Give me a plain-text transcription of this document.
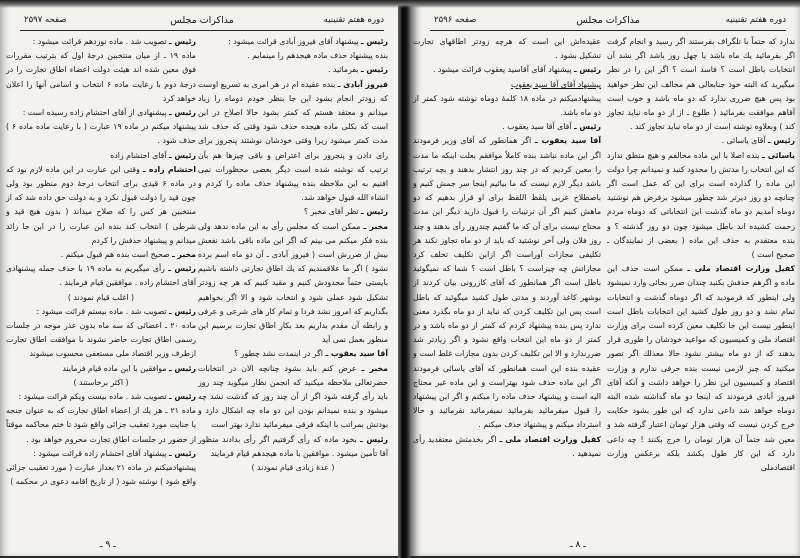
دوره هفتم تقنینیه
مذاکرات مجلس
صفحه ۲۵۹۷

رئیس ـ پیشنهاد آقای فیروز آبادی قرائت میشود :

بنده پیشنهاد حذف ماده هیجدهم را مینمایم .

رئیس ـ بفرمائید .

فیروز آبادی ـ بنده عقیده ام در هر امری به تسریع اوست که زودتر انجام بشود این جا بنظر خودم دوماه را زیاد میدانم و معتقد هستم که کمتر بشود حالا اصلاح در این است که بکلی ماده هیجده حذف شود وقتی که حذف شد مدت کمتر میشود زیرا وقتی خودشان نوشتند پنجروز برای رای دادن و پنجروز برای اعتراض و باقی چیزها هم بآن ترتیب که نوشته شده است دیگر بعضی محظورات نمی افتیم به این ملاحظه بنده پیشنهاد حذف ماده را کردم و انشاء الله قبول خواهد شد.

رئیس ـ نظر آقای مخبر ؟

مخبر ـ ممکن است که مجلس رأی به این ماده ندهد ولی بنده فکر میکنم می بینم که اگر این ماده باقی باشد نفعش بیش از ضررش است ( فیروز آبادی ـ آن دو ماه اسم برده نشود ) اگر ما علاقمندیم که یك اطاق تجارتی داشته باشیم بایستی حتماً محدودش کنیم و مقید کنیم که هر چه زودتر تشکیل شود عملی شود و انتخاب شود و الا اگر بخواهیم بگذاریم که امروز نشد فردا و تمام کار های شرعی و عرفی و رابطه آن مقدم بداریم بعد بکار اطاق تجارت برسیم این منظور بعمل نمی آید

آقا سید یعقوب ـ اگر در اینمدت نشد چطور ؟

مخبر ـ عرض کنم باید بشود چنانچه الان در انتخابات حضرتعالی ملاحظه میکنید که انجمن نظار میگوید چند روز باید رأی گرفته شود اگر از آن چند روز که گذشت نشد چه میشود و بنده نمیدانم بودن این دو ماه چه اشکال دارد و بودنش بمراتب با اینکه فرقی میفرمائید ندارد بهتر است

رئیس ـ بخود ماده که رأی گرفتیم اگر رأی بدادند منظور آقا تأمین میشود . موافقین با ماده هیجدهم قیام فرمایند

( عدهٔ زیادی قیام نمودند )

رئیس ـ تصویب شد . ماده نوزدهم قرائت میشود :

ماده ۱۹ ـ از میان منتخبین درجهٔ اول که بترتیب مقررات فوق معین شده اند هیئت دولت اعضاء اطاق تجارت را در درجهٔ دوم با رعایت ماده ۶ انتخاب و اسامی آنها را اعلان خواهد کرد

رئیس ـ پیشنهادی از آقای احتشام زاده رسیده است :

پیشنهاد میکنم در ماده ۱۹ عبارت ( با رعایت ماده ماده ۶ ) حذف شود .

رئیس ـ آقای احتشام زاده

احتشام زاده ـ وقتی این عبارت در این ماده لازم بود که در ماده ۶ قیدی برای انتخاب درجهٔ دوم منظور بود ولی چون قید را دولت قبول نکرد و به دولت حق داده شد که از منتخبین هر کس را که صلاح میداند ( بدون هیچ قید و شرطی ) انتخاب کند بنده این عبارت را در این جا زائد میدانم و پیشنهاد حذفش را کردم

مخبر ـ صحیح است بنده هم قبول میکنم .

رئیس ـ رأی میگیریم به ماده ۱۹ با حذف جمله پیشنهادی آقای احتشام زاده . موافقین قیام فرمایند .

( اغلب قیام نمودند )

رئیس ـ تصویب شد . ماده بیستم قرائت میشود :

ماده ۲۰ ـ اعضائی که سه ماه بدون عذر موجه در جلسات رسمی اطاق تجارت حاضر نشوند با موافقت اطاق تجارت ازطرف وزیر اقتصاد ملی مستعفی محسوب میشوند

رئیس ـ موافقین با این ماده قیام فرمایند

( اکثر برخاستند )

رئیس ـ تصویب شد . ماده بیست ویکم قرائت میشود :

ماده ۲۱ ـ هر یك از اعضاء اطاق تجارت که به عنوان جنحه یا جنایت مورد تعقیب جزائی واقع شود تا ختم محاکمه موقتاً از حضور در جلسات اطاق تجارت محروم خواهد بود .

رئیس ـ پیشنهاد آقای احتشام زاده قرائت میشود :

پیشنهادمیکنم در ماده ۲۱ بعداز عبارت ( مورد تعقیب جزائی واقع شود ) نوشته شود ( از تاریخ اقامه دعوی در محکمه )

ـ ۹ ـ
دوره هفتم تقنینیه
مذاکرات مجلس
صفحه ۲۵۹۶

ندارد که حتماً با تلگراف بفرستند اگر رسید و انجام گرفت اگر بفرمائید یك ماه باشد یا چهل روز باشد اگر نشد آن انتخابات باطل است ؟ فاسد است ؟ اگر این را در نظر میگیرید که البته خود جنابعالی هم مخالف این نظر خواهید بود پس هیچ ضرری ندارد که دو ماه باشد و خوب است آقاهم موافقت بفرمائید ( طلوع ـ از از دو ماه نباید تجاوز کند ) وبعلاوه نوشته است از دو ماه نباید تجاوز کند .

رئیس ـ آقای یاسائی .

یاسائی ـ بنده اصلا با این ماده مخالفم و هیچ منطق ندارد که این انتخاب را مدتش را محدود کنید و نمیدانم چرا دولت این ماده را گذارده است برای این که عمل است اگر چنانچه دو روز دیرتر شد چطور میشود برفرض هم نوشتید دوماه آمدیم دو ماه گذشت این انتخاباتی که دوماه مردم زحمت کشیده اند باطل میشود چون دو روز گذشته ؟ و بنده معتقدم به حذف این ماده ( بعضی از نمایندگان ـ صحیح است )

کفیل وزارت اقتصاد ملی ـ ممکن است حذف این ماده و اگرهم حذفش بکنید چندان ضرر بجائی وارد نمیشود ولی اینطور که فرمودید که اگر دوماه گذشت و انتخابات تمام نشد و دو روز طول کشید این انتخابات باطل است اینطور نیست این جا تکلیف معین کرده است برای وزارت اقتصاد ملی و کمیسیون که مواعید خودشان را طوری قرار بدهند که از دو ماه بیشتر نشود حالا معذلك اگر تصور میکنید که چیز لازمی نیست بنده حرفی ندارم و وزارت اقتصاد و کمیسیون این نظر را خواهد داشت و آنکه آقای فیروز آبادی فرمودند که اینجا دو ماه گذاشته شده البته دوماه خواهد شد داعی ندارد که این طور بشود حکایت خرج کردن نیست که وقتی هزار تومان اعتبار گرفته شد و معین شد حتماً آن هزار تومان را خرج بکنند ! چه داعی دارد که این کار طول بکشد بلکه برعکس وزارت اقتصادملی

عقیده‌اش این است که هرچه زودتر اطاقهای تجارت تشکیل بشود .

رئیس ـ پیشنهاد آقای آقاسید یعقوب قرائت میشود .

پیشنهاد آقای آقا سید یعقوب

پیشنهادمیکنم در ماده ۱۸ کلمهٔ دوماه نوشته شود کمتر از دو ماه باشد.

رئیس ـ آقای آقا سید یعقوب .

آقا سید یعقوب ـ اگر همانطور که آقای وزیر فرمودند اگر این ماده نباشد بنده کاملاً موافقم بعلت اینکه ما مدت را معین کردیم که در چند روز انتشار بدهند و بچه ترتیب باشد دیگر لازم نیست که ما بیائیم اینجا سر جمش کنیم و باصطلاح عربی یلفظ اللفظ برای او قرار بدهیم که دو ماهش کنیم اگر آن ترتیبات را قبول دارید دیگر این مدت محتاج نیست برای آن که ما گفتیم چندروز رأی بدهند و چند روز فلان ولی آخر نوشتید که باید از دو ماه تجاوز نکند هر تکلیفی مجازات آوراست اگر ازاین تکلیف تخلف کرد مجازاتش چه چیزاست ؟ باطل است ؟ شما که نمیگوئید باطل است اگر همانطور که آقای کازرونی بیان کردند از بوشهر کاغذ آوردند و مدتی طول کشید میگوئید که باطل است پس این تکلیف کردن که نباید از دو ماه بگذرد معنی ندارد پس بنده پیشنهاد کردم که کمتر از دو ماه باشد و در کمتر از دو ماه این انتخاب واقع نشود و اگر زیادتر شد ضررندارد و الا این تکلیف کردن بدون مجازات غلط است و عقیده بنده این است همانطور که آقای یاسائی فرمودند اگر این ماده حذف شود بهتراست و این ماده غیر محتاج الیه است و پیشنهاد حذف ماده را میکنم و اگر این پیشنهاد را قبول میفرمائید بفرمائید نمیفرمائید نفرمائید و حالا استرداد میکنم و پیشنهاد حذف میکنم .

کفیل وزارت اقتصاد ملی ـ اگر بخدمتش معتقدید رأی نمیدهید .

ـ ۸ ـ
